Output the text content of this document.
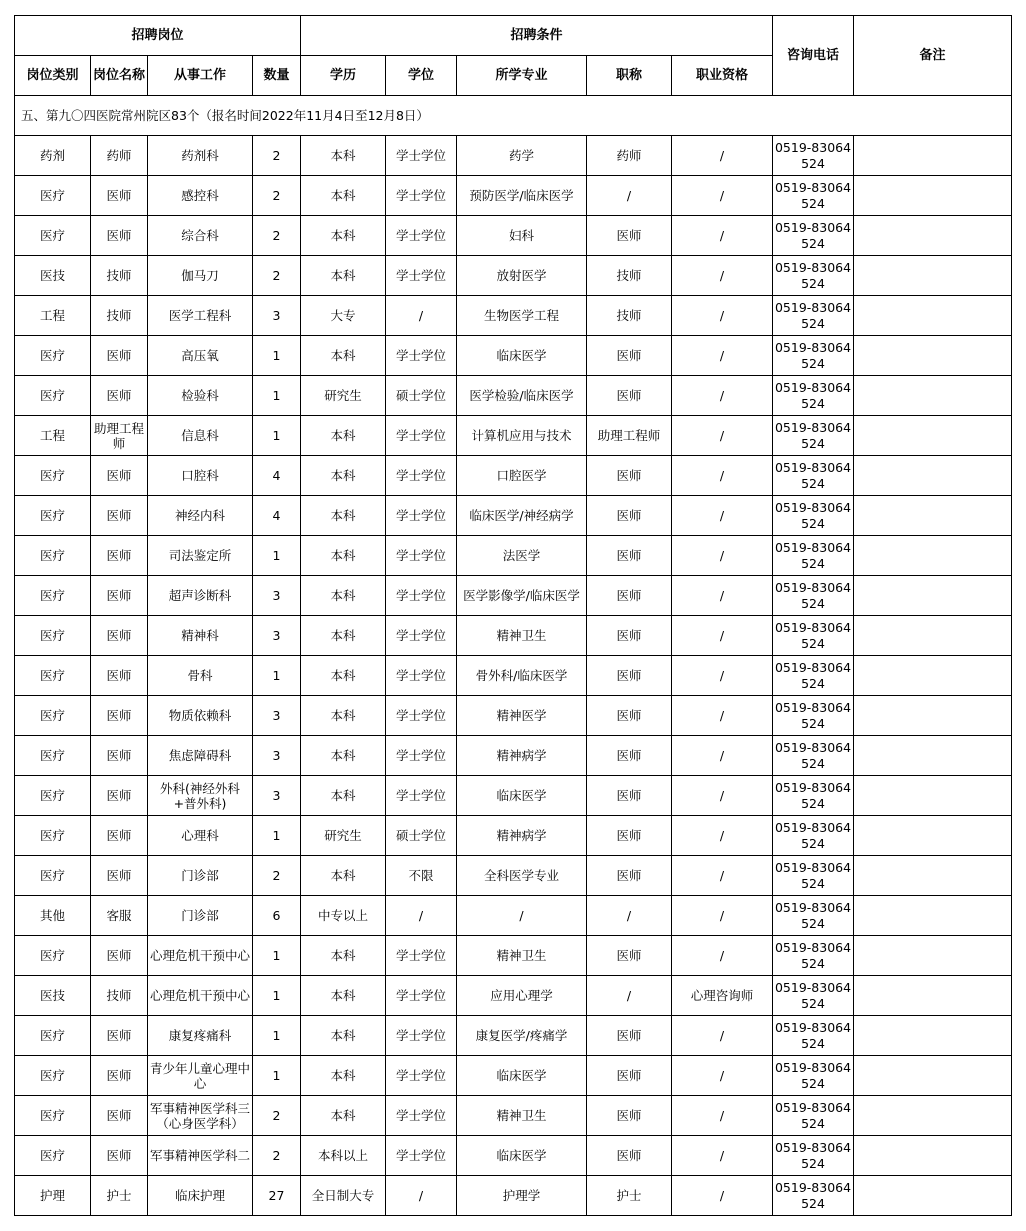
招聘岗位				招聘条件					咨询电话	备注
岗位类别	岗位名称	从事工作	数量	学历	学位	所学专业	职称	职业资格		
五、第九〇四医院常州院区83个（报名时间2022年11月4日至12月8日）										
药剂	药师	药剂科	2	本科	学士学位	药学	药师	/	0519-83064524	
医疗	医师	感控科	2	本科	学士学位	预防医学/临床医学	/	/	0519-83064524	
医疗	医师	综合科	2	本科	学士学位	妇科	医师	/	0519-83064524	
医技	技师	伽马刀	2	本科	学士学位	放射医学	技师	/	0519-83064524	
工程	技师	医学工程科	3	大专	/	生物医学工程	技师	/	0519-83064524	
医疗	医师	高压氧	1	本科	学士学位	临床医学	医师	/	0519-83064524	
医疗	医师	检验科	1	研究生	硕士学位	医学检验/临床医学	医师	/	0519-83064524	
工程	助理工程师	信息科	1	本科	学士学位	计算机应用与技术	助理工程师	/	0519-83064524	
医疗	医师	口腔科	4	本科	学士学位	口腔医学	医师	/	0519-83064524	
医疗	医师	神经内科	4	本科	学士学位	临床医学/神经病学	医师	/	0519-83064524	
医疗	医师	司法鉴定所	1	本科	学士学位	法医学	医师	/	0519-83064524	
医疗	医师	超声诊断科	3	本科	学士学位	医学影像学/临床医学	医师	/	0519-83064524	
医疗	医师	精神科	3	本科	学士学位	精神卫生	医师	/	0519-83064524	
医疗	医师	骨科	1	本科	学士学位	骨外科/临床医学	医师	/	0519-83064524	
医疗	医师	物质依赖科	3	本科	学士学位	精神医学	医师	/	0519-83064524	
医疗	医师	焦虑障碍科	3	本科	学士学位	精神病学	医师	/	0519-83064524	
医疗	医师	外科(神经外科+普外科)	3	本科	学士学位	临床医学	医师	/	0519-83064524	
医疗	医师	心理科	1	研究生	硕士学位	精神病学	医师	/	0519-83064524	
医疗	医师	门诊部	2	本科	不限	全科医学专业	医师	/	0519-83064524	
其他	客服	门诊部	6	中专以上	/	/	/	/	0519-83064524	
医疗	医师	心理危机干预中心	1	本科	学士学位	精神卫生	医师	/	0519-83064524	
医技	技师	心理危机干预中心	1	本科	学士学位	应用心理学	/	心理咨询师	0519-83064524	
医疗	医师	康复疼痛科	1	本科	学士学位	康复医学/疼痛学	医师	/	0519-83064524	
医疗	医师	青少年儿童心理中心	1	本科	学士学位	临床医学	医师	/	0519-83064524	
医疗	医师	军事精神医学科三（心身医学科）	2	本科	学士学位	精神卫生	医师	/	0519-83064524	
医疗	医师	军事精神医学科二	2	本科以上	学士学位	临床医学	医师	/	0519-83064524	
护理	护士	临床护理	27	全日制大专	/	护理学	护士	/	0519-83064524	
